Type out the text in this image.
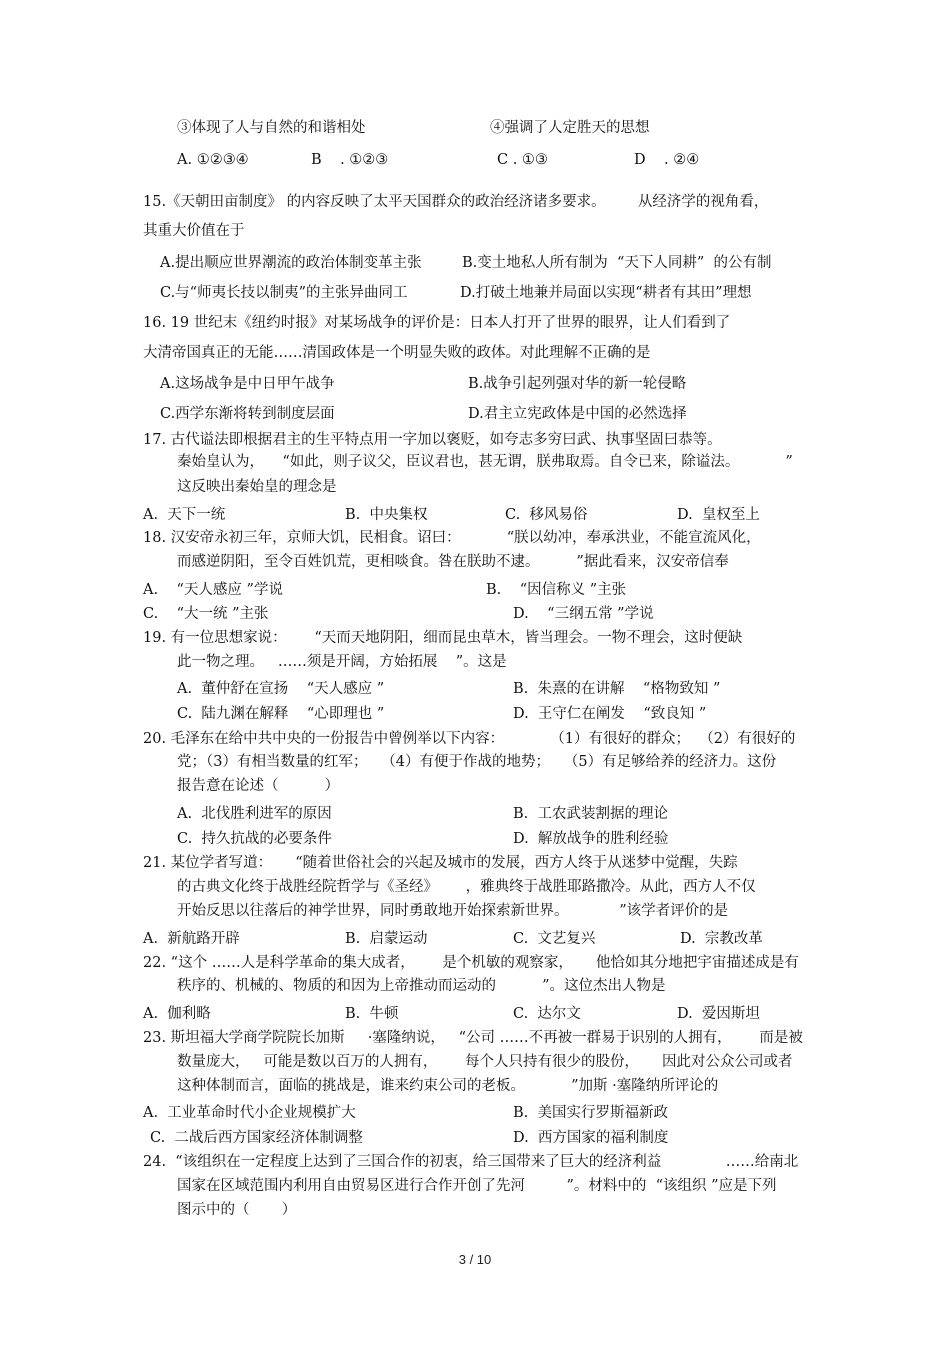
③体现了人与自然的和谐相处	④强调了人定胜天的思想
A. ①②③④	B    . ①②③	C . ①③	D    . ②④
15.《天朝田亩制度》 的内容反映了太平天国群众的政治经济诸多要求。       从经济学的视角看，
其重大价值在于
A.提出顺应世界潮流的政治体制变革主张	B.变土地私人所有制为  “天下人同耕”  的公有制
C.与“师夷长技以制夷”的主张异曲同工	D.打破土地兼并局面以实现“耕者有其田”理想
16. 19 世纪末《纽约时报》对某场战争的评价是：日本人打开了世界的眼界，让人们看到了
大清帝国真正的无能……清国政体是一个明显失败的政体。对此理解不正确的是
A.这场战争是中日甲午战争	B.战争引起列强对华的新一轮侵略
C.西学东渐将转到制度层面	D.君主立宪政体是中国的必然选择
17. 古代谥法即根据君主的生平特点用一字加以褒贬，如夸志多穷曰武、执事坚固曰恭等。
秦始皇认为，    “如此，则子议父，臣议君也，甚无谓，朕弗取焉。自令已来，除谥法。          ”
这反映出秦始皇的理念是
A.  天下一统	B.  中央集权	C.  移风易俗	D.  皇权至上
18. 汉安帝永初三年，京师大饥，民相食。诏曰：          “朕以幼冲，奉承洪业，不能宣流风化，
而感逆阴阳，至令百姓饥荒，更相啖食。咎在朕助不逮。        ”据此看来，汉安帝信奉
A.    “天人感应 ”学说	B.    “因信称义 ”主张
C.    “大一统 ”主张	D.    “三纲五常 ”学说
19. 有一位思想家说：      “天而天地阴阳，细而昆虫草木，皆当理会。一物不理会，这时便缺
此一物之理。   ……须是开阔，方始拓展    ”。这是
A.  董仲舒在宣扬    “天人感应 ”	B.  朱熹的在讲解    “格物致知 ”
C.  陆九渊在解释    “心即理也 ”	D.  王守仁在阐发    “致良知 ”
20. 毛泽东在给中共中央的一份报告中曾例举以下内容：          （1）有很好的群众；  （2）有很好的
党；（3）有相当数量的红军；   （4）有便于作战的地势；   （5）有足够给养的经济力。这份
报告意在论述（          ）
A.  北伐胜利进军的原因	B.  工农武装割据的理论
C.  持久抗战的必要条件	D.  解放战争的胜利经验
21. 某位学者写道：     “随着世俗社会的兴起及城市的发展，西方人终于从迷梦中觉醒，失踪
的古典文化终于战胜经院哲学与《圣经》      ，雅典终于战胜耶路撒冷。从此，西方人不仅
开始反思以往落后的神学世界，同时勇敢地开始探索新世界。           ”该学者评价的是
A.  新航路开辟	B.  启蒙运动	C.  文艺复兴	D.  宗教改革
22. “这个 ……人是科学革命的集大成者，      是个机敏的观察家，     他恰如其分地把宇宙描述成是有
秩序的、机械的、物质的和因为上帝推动而运动的          ”。这位杰出人物是
A.  伽利略	B.  牛顿	C.  达尔文	D.  爱因斯坦
23. 斯坦福大学商学院院长加斯     ·塞隆纳说，   “公司 ……不再被一群易于识别的人拥有，      而是被
数量庞大，   可能是数以百万的人拥有，      每个人只持有很少的股份，     因此对公众公司或者
这种体制而言，面临的挑战是，谁来约束公司的老板。          ”加斯 ·塞隆纳所评论的
A.  工业革命时代小企业规模扩大	B.  美国实行罗斯福新政
C.  二战后西方国家经济体制调整	D.  西方国家的福利制度
24.  “该组织在一定程度上达到了三国合作的初衷，给三国带来了巨大的经济利益              ……给南北
国家在区域范围内利用自由贸易区进行合作开创了先河         ”。材料中的  “该组织 ”应是下列
图示中的（       ）
3 / 10
